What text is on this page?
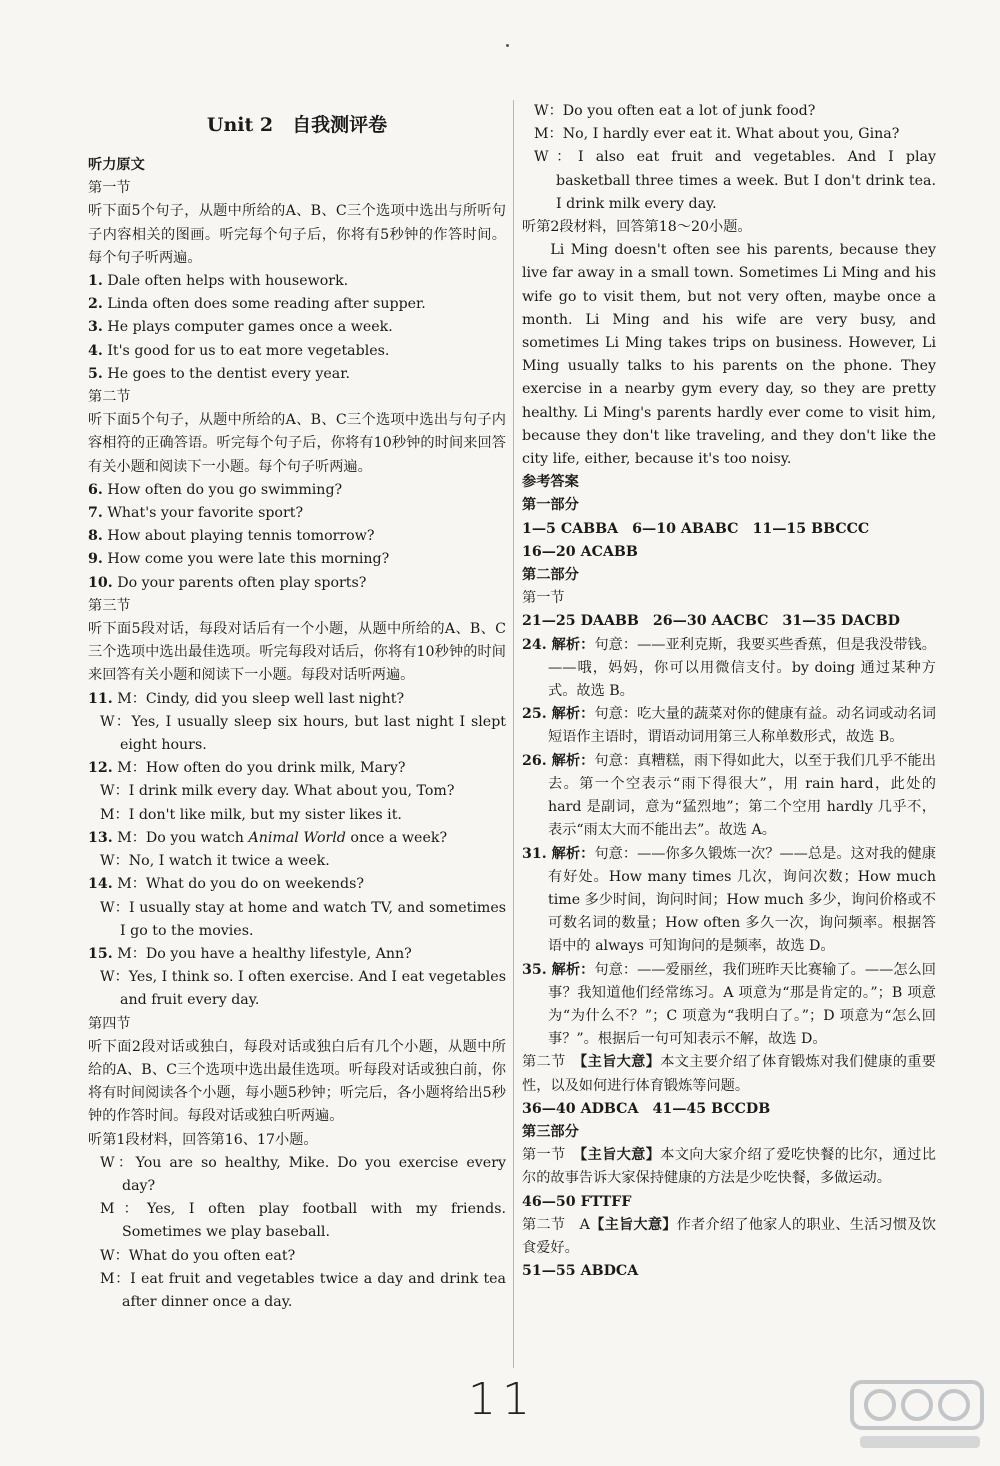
Unit 2　自我测评卷

听力原文

第一节

听下面5个句子，从题中所给的A、B、C三个选项中选出与所听句子内容相关的图画。听完每个句子后，你将有5秒钟的作答时间。每个句子听两遍。

1. Dale often helps with housework.

2. Linda often does some reading after supper.

3. He plays computer games once a week.

4. It's good for us to eat more vegetables.

5. He goes to the dentist every year.

第二节

听下面5个句子，从题中所给的A、B、C三个选项中选出与句子内容相符的正确答语。听完每个句子后，你将有10秒钟的时间来回答有关小题和阅读下一小题。每个句子听两遍。

6. How often do you go swimming?

7. What's your favorite sport?

8. How about playing tennis tomorrow?

9. How come you were late this morning?

10. Do your parents often play sports?

第三节

听下面5段对话，每段对话后有一个小题，从题中所给的A、B、C三个选项中选出最佳选项。听完每段对话后，你将有10秒钟的时间来回答有关小题和阅读下一小题。每段对话听两遍。

11. M：Cindy, did you sleep well last night?

W：Yes, I usually sleep six hours, but last night I slept eight hours.

12. M：How often do you drink milk, Mary?

W：I drink milk every day. What about you, Tom?

M：I don't like milk, but my sister likes it.

13. M：Do you watch Animal World once a week?

W：No, I watch it twice a week.

14. M：What do you do on weekends?

W：I usually stay at home and watch TV, and sometimes I go to the movies.

15. M：Do you have a healthy lifestyle, Ann?

W：Yes, I think so. I often exercise. And I eat vegetables and fruit every day.

第四节

听下面2段对话或独白，每段对话或独白后有几个小题，从题中所给的A、B、C三个选项中选出最佳选项。听每段对话或独白前，你将有时间阅读各个小题，每小题5秒钟；听完后，各小题将给出5秒钟的作答时间。每段对话或独白听两遍。

听第1段材料，回答第16、17小题。

W：You are so healthy, Mike. Do you exercise every day?

M：Yes, I often play football with my friends. Sometimes we play baseball.

W：What do you often eat?

M：I eat fruit and vegetables twice a day and drink tea after dinner once a day.

W：Do you often eat a lot of junk food?

M：No, I hardly ever eat it. What about you, Gina?

W：I also eat fruit and vegetables. And I play basketball three times a week. But I don't drink tea. I drink milk every day.

听第2段材料，回答第18～20小题。

Li Ming doesn't often see his parents, because they live far away in a small town. Sometimes Li Ming and his wife go to visit them, but not very often, maybe once a month. Li Ming and his wife are very busy, and sometimes Li Ming takes trips on business. However, Li Ming usually talks to his parents on the phone. They exercise in a nearby gym every day, so they are pretty healthy. Li Ming's parents hardly ever come to visit him, because they don't like traveling, and they don't like the city life, either, because it's too noisy.

参考答案

第一部分

1—5 CABBA 6—10 ABABC 11—15 BBCCC

16—20 ACABB

第二部分

第一节

21—25 DAABB 26—30 AACBC 31—35 DACBD

24. 解析：句意：——亚利克斯，我要买些香蕉，但是我没带钱。——哦，妈妈，你可以用微信支付。by doing 通过某种方式。故选 B。

25. 解析：句意：吃大量的蔬菜对你的健康有益。动名词或动名词短语作主语时，谓语动词用第三人称单数形式，故选 B。

26. 解析：句意：真糟糕，雨下得如此大，以至于我们几乎不能出去。第一个空表示“雨下得很大”，用 rain hard，此处的 hard 是副词，意为“猛烈地”；第二个空用 hardly 几乎不，表示“雨太大而不能出去”。故选 A。

31. 解析：句意：——你多久锻炼一次？——总是。这对我的健康有好处。How many times 几次，询问次数；How much time 多少时间，询问时间；How much 多少，询问价格或不可数名词的数量；How often 多久一次，询问频率。根据答语中的 always 可知询问的是频率，故选 D。

35. 解析：句意：——爱丽丝，我们班昨天比赛输了。——怎么回事？我知道他们经常练习。A 项意为“那是肯定的。”；B 项意为“为什么不？”；C 项意为“我明白了。”；D 项意为“怎么回事？”。根据后一句可知表示不解，故选 D。

第二节　【主旨大意】本文主要介绍了体育锻炼对我们健康的重要性，以及如何进行体育锻炼等问题。

36—40 ADBCA 41—45 BCCDB

第三部分

第一节　【主旨大意】本文向大家介绍了爱吃快餐的比尔，通过比尔的故事告诉大家保持健康的方法是少吃快餐，多做运动。

46—50 FTTFF

第二节　A【主旨大意】作者介绍了他家人的职业、生活习惯及饮食爱好。

51—55 ABDCA

11
